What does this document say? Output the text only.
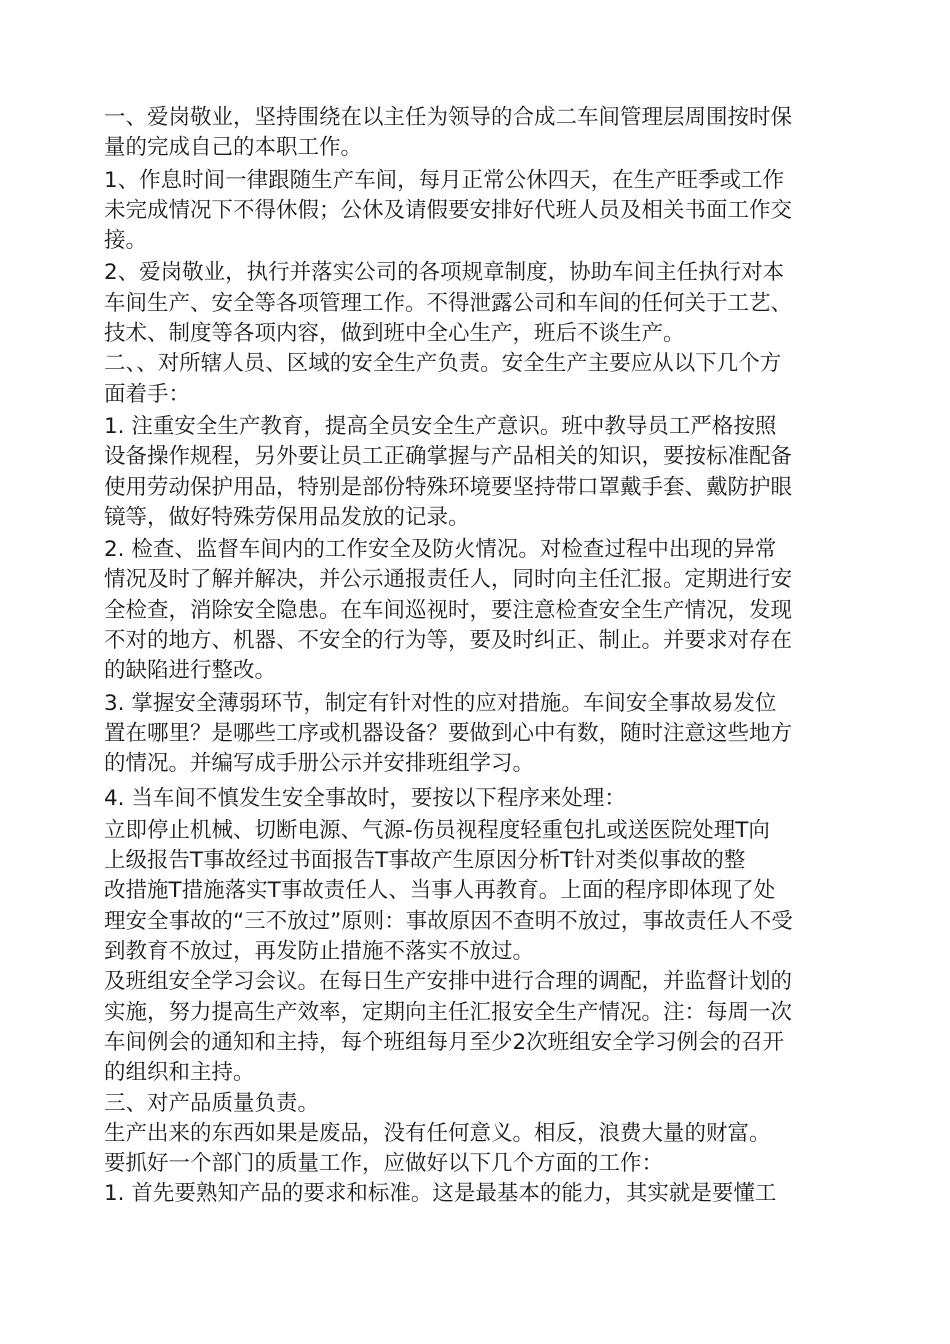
一、爱岗敬业，坚持围绕在以主任为领导的合成二车间管理层周围按时保
量的完成自己的本职工作。
1、作息时间一律跟随生产车间，每月正常公休四天，在生产旺季或工作
未完成情况下不得休假；公休及请假要安排好代班人员及相关书面工作交
接。
2、爱岗敬业，执行并落实公司的各项规章制度，协助车间主任执行对本
车间生产、安全等各项管理工作。不得泄露公司和车间的任何关于工艺、
技术、制度等各项内容，做到班中全心生产，班后不谈生产。
二、、对所辖人员、区域的安全生产负责。安全生产主要应从以下几个方
面着手：
1. 注重安全生产教育，提高全员安全生产意识。班中教导员工严格按照
设备操作规程，另外要让员工正确掌握与产品相关的知识，要按标准配备
使用劳动保护用品，特别是部份特殊环境要坚持带口罩戴手套、戴防护眼
镜等，做好特殊劳保用品发放的记录。
2. 检查、监督车间内的工作安全及防火情况。对检查过程中出现的异常
情况及时了解并解决，并公示通报责任人，同时向主任汇报。定期进行安
全检查，消除安全隐患。在车间巡视时，要注意检查安全生产情况，发现
不对的地方、机器、不安全的行为等，要及时纠正、制止。并要求对存在
的缺陷进行整改。
3. 掌握安全薄弱环节，制定有针对性的应对措施。车间安全事故易发位
置在哪里？是哪些工序或机器设备？要做到心中有数，随时注意这些地方
的情况。并编写成手册公示并安排班组学习。
4. 当车间不慎发生安全事故时，要按以下程序来处理：
立即停止机械、切断电源、气源-伤员视程度轻重包扎或送医院处理T向
上级报告T事故经过书面报告T事故产生原因分析T针对类似事故的整
改措施T措施落实T事故责任人、当事人再教育。上面的程序即体现了处
理安全事故的“三不放过”原则：事故原因不查明不放过，事故责任人不受
到教育不放过，再发防止措施不落实不放过。
及班组安全学习会议。在每日生产安排中进行合理的调配，并监督计划的
实施，努力提高生产效率，定期向主任汇报安全生产情况。注：每周一次
车间例会的通知和主持，每个班组每月至少2次班组安全学习例会的召开
的组织和主持。
三、对产品质量负责。
生产出来的东西如果是废品，没有任何意义。相反，浪费大量的财富。
要抓好一个部门的质量工作，应做好以下几个方面的工作：
1. 首先要熟知产品的要求和标准。这是最基本的能力，其实就是要懂工
